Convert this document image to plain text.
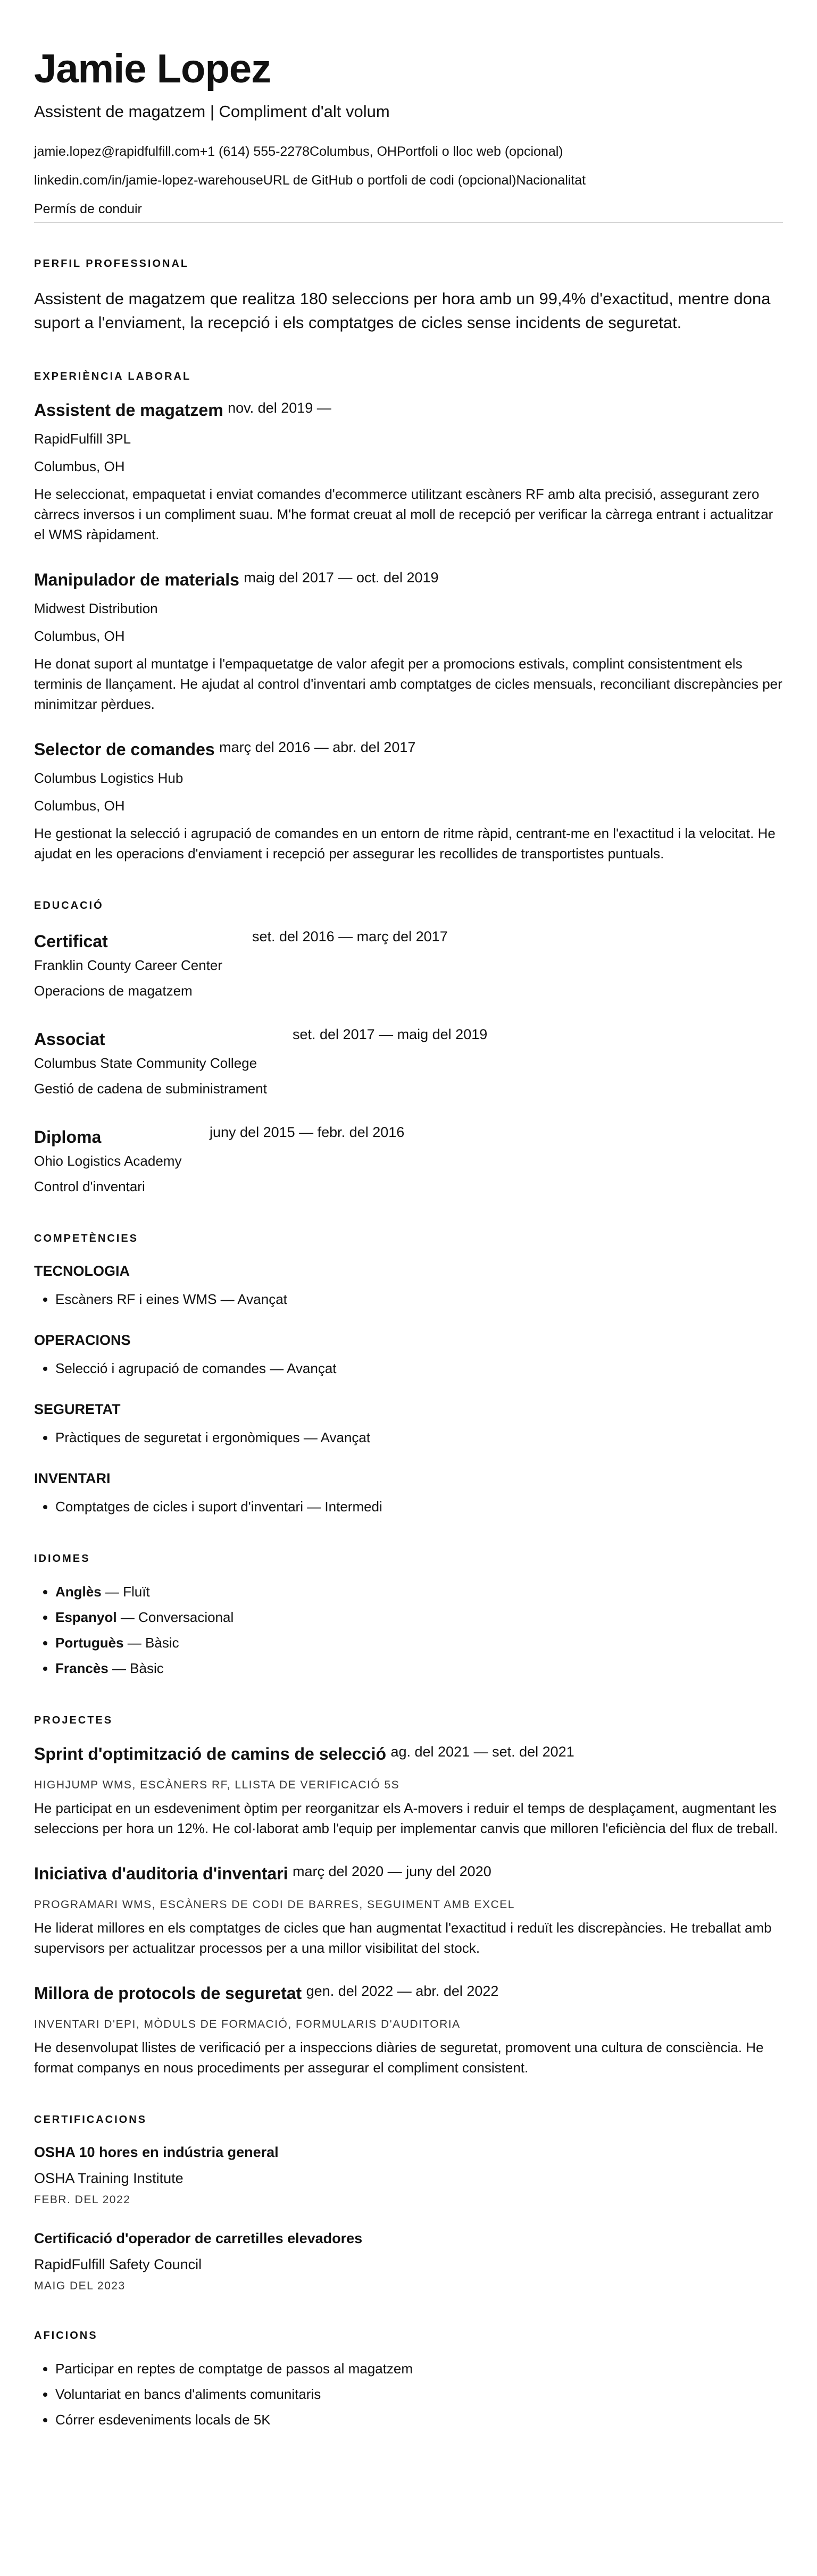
Jamie Lopez
Assistent de magatzem | Compliment d'alt volum
jamie.lopez@rapidfulfill.com+1 (614) 555-2278Columbus, OHPortfoli o lloc web (opcional)
linkedin.com/in/jamie-lopez-warehouseURL de GitHub o portfoli de codi (opcional)Nacionalitat
Permís de conduir
PERFIL PROFESSIONAL

Assistent de magatzem que realitza 180 seleccions per hora amb un 99,4% d'exactitud, mentre dona suport a l'enviament, la recepció i els comptatges de cicles sense incidents de seguretat.

EXPERIÈNCIA LABORAL
Assistent de magatzem nov. del 2019 —
RapidFulfill 3PL
Columbus, OH
He seleccionat, empaquetat i enviat comandes d'ecommerce utilitzant escàners RF amb alta precisió, assegurant zero càrrecs inversos i un compliment suau. M'he format creuat al moll de recepció per verificar la càrrega entrant i actualitzar el WMS ràpidament.
Manipulador de materials maig del 2017 — oct. del 2019
Midwest Distribution
Columbus, OH
He donat suport al muntatge i l'empaquetatge de valor afegit per a promocions estivals, complint consistentment els terminis de llançament. He ajudat al control d'inventari amb comptatges de cicles mensuals, reconciliant discrepàncies per minimitzar pèrdues.
Selector de comandes març del 2016 — abr. del 2017
Columbus Logistics Hub
Columbus, OH
He gestionat la selecció i agrupació de comandes en un entorn de ritme ràpid, centrant-me en l'exactitud i la velocitat. He ajudat en les operacions d'enviament i recepció per assegurar les recollides de transportistes puntuals.
EDUCACIÓ
Certificat	set. del 2016 — març del 2017
Franklin County Career Center
Operacions de magatzem
Associat	set. del 2017 — maig del 2019
Columbus State Community College
Gestió de cadena de subministrament
Diploma	juny del 2015 — febr. del 2016
Ohio Logistics Academy
Control d'inventari
COMPETÈNCIES
TECNOLOGIA
• Escàners RF i eines WMS — Avançat
OPERACIONS
• Selecció i agrupació de comandes — Avançat
SEGURETAT
• Pràctiques de seguretat i ergonòmiques — Avançat
INVENTARI
• Comptatges de cicles i suport d'inventari — Intermedi
IDIOMES
• Anglès — Fluït
• Espanyol — Conversacional
• Portuguès — Bàsic
• Francès — Bàsic
PROJECTES
Sprint d'optimització de camins de selecció ag. del 2021 — set. del 2021
HIGHJUMP WMS, ESCÀNERS RF, LLISTA DE VERIFICACIÓ 5S
He participat en un esdeveniment òptim per reorganitzar els A-movers i reduir el temps de desplaçament, augmentant les seleccions per hora un 12%. He col·laborat amb l'equip per implementar canvis que milloren l'eficiència del flux de treball.
Iniciativa d'auditoria d'inventari març del 2020 — juny del 2020
PROGRAMARI WMS, ESCÀNERS DE CODI DE BARRES, SEGUIMENT AMB EXCEL
He liderat millores en els comptatges de cicles que han augmentat l'exactitud i reduït les discrepàncies. He treballat amb supervisors per actualitzar processos per a una millor visibilitat del stock.
Millora de protocols de seguretat gen. del 2022 — abr. del 2022
INVENTARI D'EPI, MÒDULS DE FORMACIÓ, FORMULARIS D'AUDITORIA
He desenvolupat llistes de verificació per a inspeccions diàries de seguretat, promovent una cultura de consciència. He format companys en nous procediments per assegurar el compliment consistent.
CERTIFICACIONS
OSHA 10 hores en indústria general
OSHA Training Institute
FEBR. DEL 2022
Certificació d'operador de carretilles elevadores
RapidFulfill Safety Council
MAIG DEL 2023
AFICIONS
• Participar en reptes de comptatge de passos al magatzem
• Voluntariat en bancs d'aliments comunitaris
• Córrer esdeveniments locals de 5K
